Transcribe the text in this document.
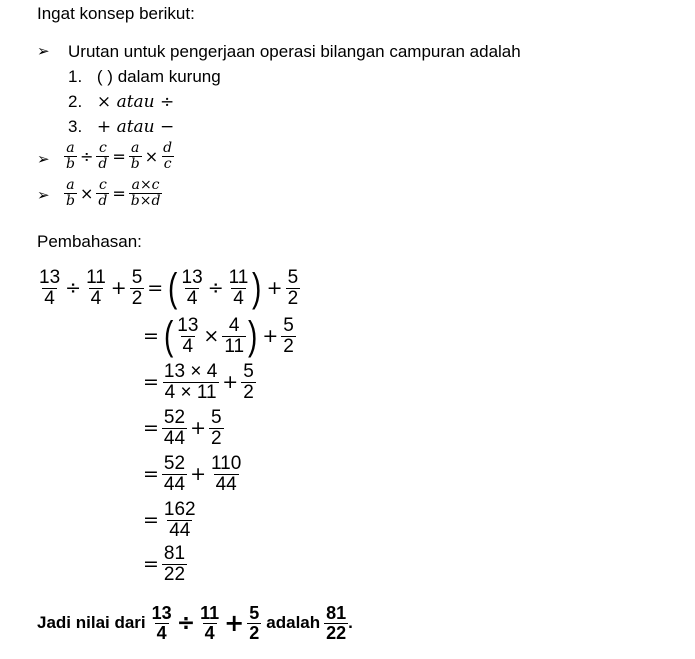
Ingat konsep berikut:
➢ Urutan untuk pengerjaan operasi bilangan campuran adalah
1. ( ) dalam kurung
2. × atau ÷
3. + atau −
➢ $\frac{a}{b} \div \frac{c}{d} = \frac{a}{b} \times \frac{d}{c}$
➢ $\frac{a}{b} \times \frac{c}{d} = \frac{a\times c}{b\times d}$
Pembahasan:
$\frac{13}{4} \div \frac{11}{4} + \frac{5}{2}$ = ( $\frac{13}{4} \div \frac{11}{4}$ ) + $\frac{5}{2}$
= ( $\frac{13}{4} \times \frac{4}{11}$ ) + $\frac{5}{2}$
= $\frac{13 \times 4}{4 \times 11} + \frac{5}{2}$
= $\frac{52}{44} + \frac{5}{2}$
= $\frac{52}{44} + \frac{110}{44}$
= $\frac{162}{44}$
= $\frac{81}{22}$
Jadi nilai dari $\frac{13}{4} \div \frac{11}{4} + \frac{5}{2}$ adalah $\frac{81}{22}$ .
